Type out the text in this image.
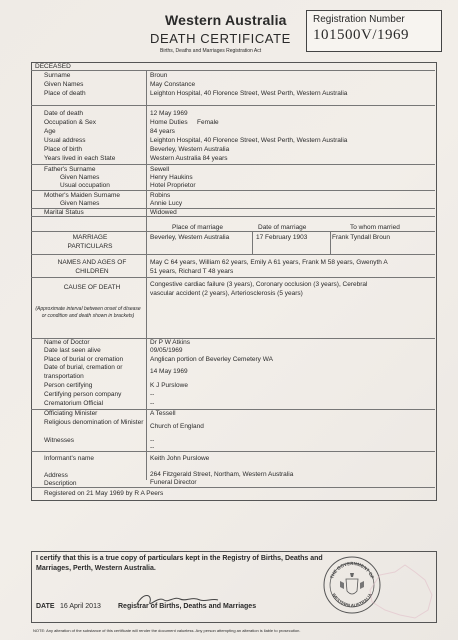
Western Australia
DEATH CERTIFICATE
Births, Deaths and Marriages Registration Act
Registration Number
101500V/1969
DECEASED
Surname	Broun
Given Names	May Constance
Place of death	Leighton Hospital, 40 Florence Street, West Perth, Western Australia
Date of death	12 May 1969
Occupation & Sex	Home Duties Female
Age	84 years
Usual address	Leighton Hospital, 40 Florence Street, West Perth, Western Australia
Place of birth	Beverley, Western Australia
Years lived in each State	Western Australia 84 years
Father's Surname	Sewell
Given Names	Henry Haukins
Usual occupation	Hotel Proprietor
Mother's Maiden Surname	Robins
Given Names	Annie Lucy
Marital Status	Widowed
MARRIAGE PARTICULARS
Place of marriage	Date of marriage	To whom married
Beverley, Western Australia	17 February 1903	Frank Tyndall Broun
NAMES AND AGES OF CHILDREN
May C 64 years, William 62 years, Emily A 61 years, Frank M 58 years, Gwenyth A
51 years, Richard T 48 years
CAUSE OF DEATH
(Approximate interval between onset of disease or condition and death shown in brackets)
Congestive cardiac failure (3 years), Coronary occlusion (3 years), Cerebral
vascular accident (2 years), Arteriosclerosis (5 years)
Name of Doctor	Dr P W Atkins
Date last seen alive	09/05/1969
Place of burial or cremation	Anglican portion of Beverley Cemetery WA
Date of burial, cremation or transportation
14 May 1969
Person certifying	K J Purslowe
Certifying person company	--
Crematorium Official	--
Officiating Minister	A Tessell
Religious denomination of Minister
Church of England
Witnesses	--
--
Informant's name	Keith John Purslowe
Address	264 Fitzgerald Street, Northam, Western Australia
Description	Funeral Director
Registered on 21 May 1969 by R A Peers
I certify that this is a true copy of particulars kept in the Registry of Births, Deaths and Marriages, Perth, Western Australia.
DATE 16 April 2013 Registrar of Births, Deaths and Marriages
THE GOVERNMENT OF
WESTERN AUSTRALIA
NOTE: Any alteration of the substance of this certificate will render the document valueless. Any person attempting an alteration is liable to prosecution.
